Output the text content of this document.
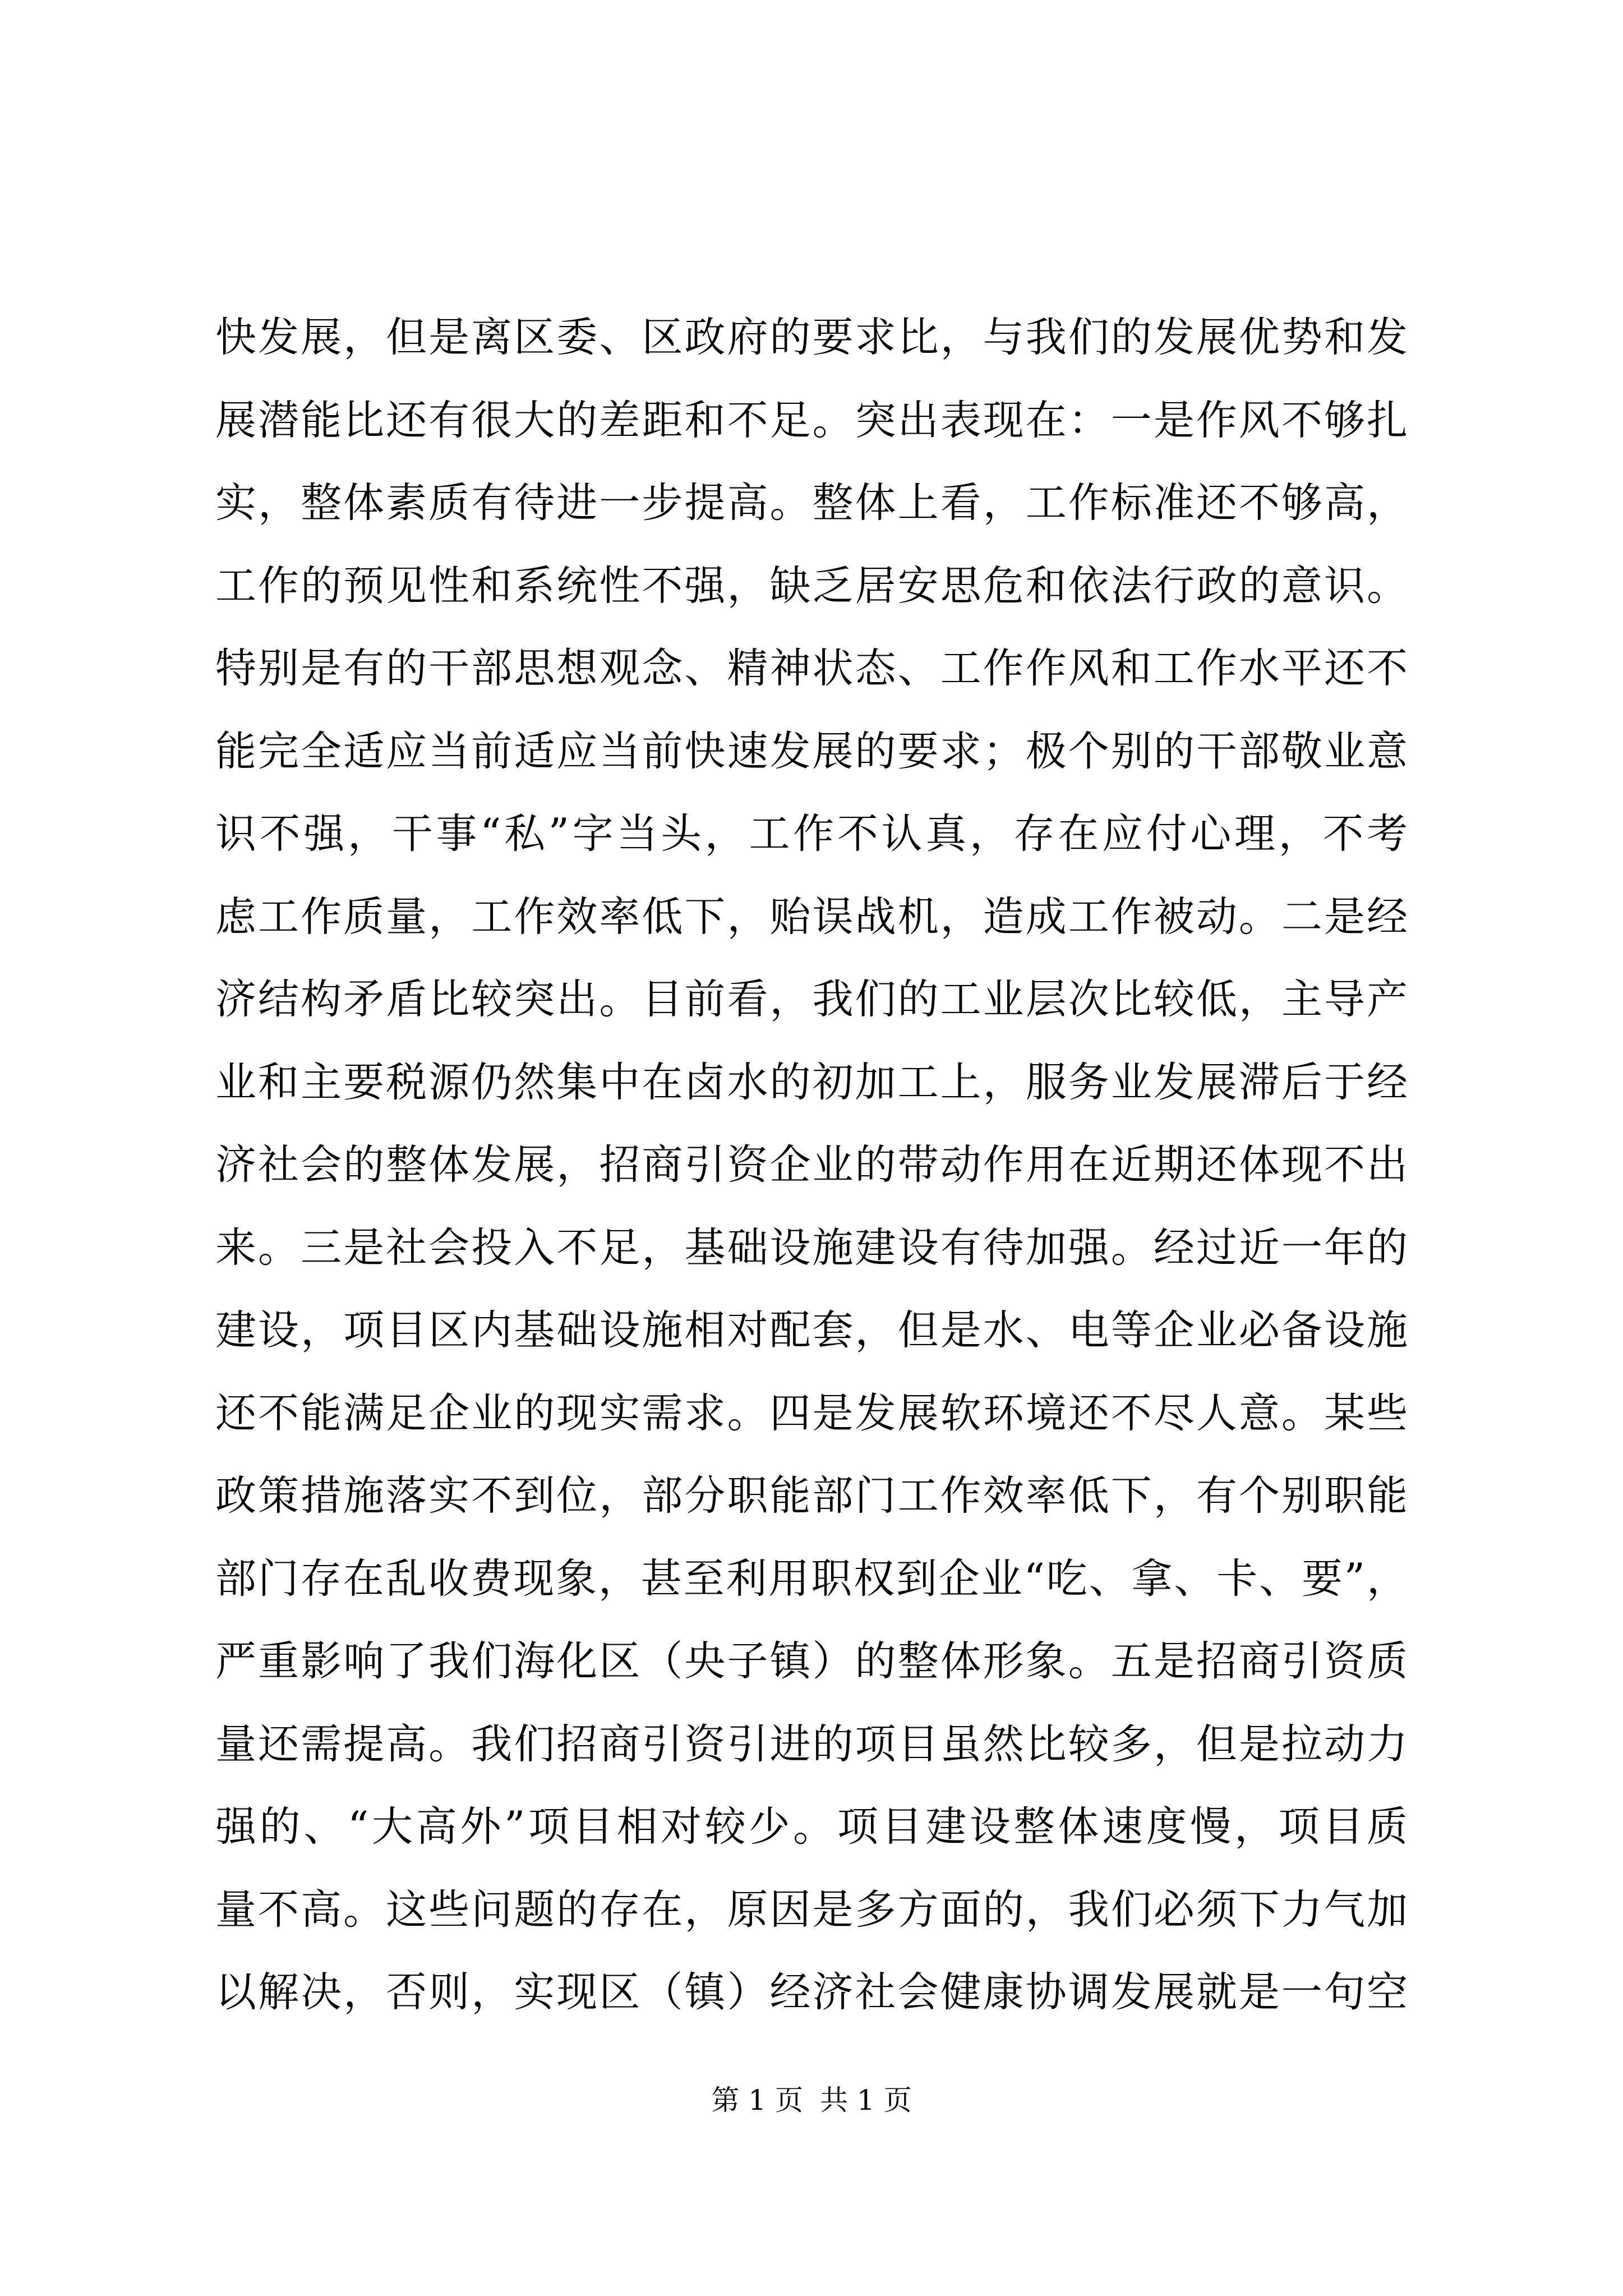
快发展，但是离区委、区政府的要求比，与我们的发展优势和发
展潜能比还有很大的差距和不足。突出表现在：一是作风不够扎
实，整体素质有待进一步提高。整体上看，工作标准还不够高，
工作的预见性和系统性不强，缺乏居安思危和依法行政的意识。
特别是有的干部思想观念、精神状态、工作作风和工作水平还不
能完全适应当前适应当前快速发展的要求；极个别的干部敬业意
识不强，干事“私”字当头，工作不认真，存在应付心理，不考
虑工作质量，工作效率低下，贻误战机，造成工作被动。二是经
济结构矛盾比较突出。目前看，我们的工业层次比较低，主导产
业和主要税源仍然集中在卤水的初加工上，服务业发展滞后于经
济社会的整体发展，招商引资企业的带动作用在近期还体现不出
来。三是社会投入不足，基础设施建设有待加强。经过近一年的
建设，项目区内基础设施相对配套，但是水、电等企业必备设施
还不能满足企业的现实需求。四是发展软环境还不尽人意。某些
政策措施落实不到位，部分职能部门工作效率低下，有个别职能
部门存在乱收费现象，甚至利用职权到企业“吃、拿、卡、要”，
严重影响了我们海化区（央子镇）的整体形象。五是招商引资质
量还需提高。我们招商引资引进的项目虽然比较多，但是拉动力
强的、“大高外”项目相对较少。项目建设整体速度慢，项目质
量不高。这些问题的存在，原因是多方面的，我们必须下力气加
以解决，否则，实现区（镇）经济社会健康协调发展就是一句空
第 1 页 共 1 页
